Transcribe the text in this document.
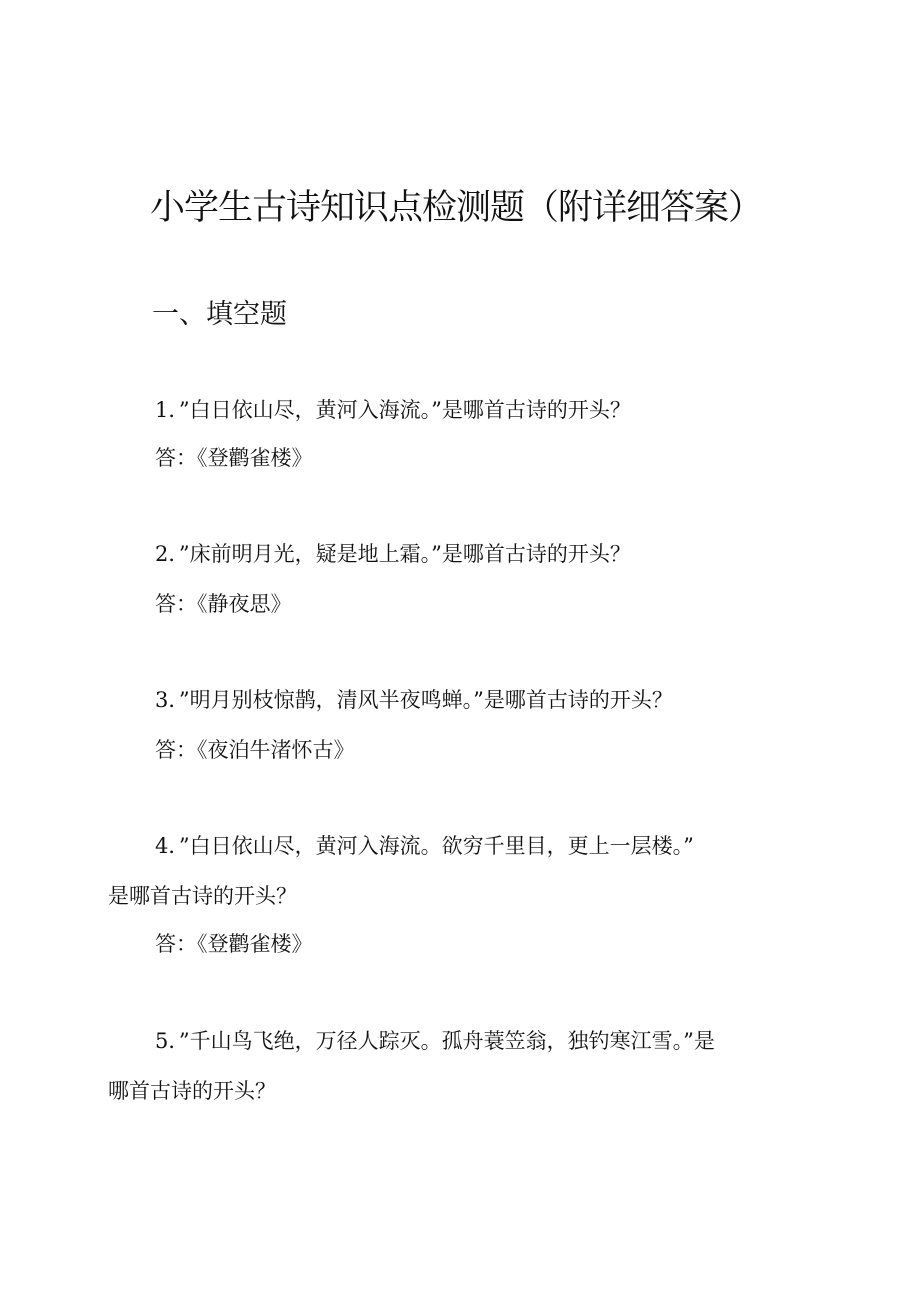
小学生古诗知识点检测题（附详细答案）
一、填空题
1．”白日依山尽，黄河入海流。”是哪首古诗的开头？
答：《登鹳雀楼》
2．”床前明月光，疑是地上霜。”是哪首古诗的开头？
答：《静夜思》
3．”明月别枝惊鹊，清风半夜鸣蝉。”是哪首古诗的开头？
答：《夜泊牛渚怀古》
4．”白日依山尽，黄河入海流。欲穷千里目，更上一层楼。”
是哪首古诗的开头？
答：《登鹳雀楼》
5．”千山鸟飞绝，万径人踪灭。孤舟蓑笠翁，独钓寒江雪。”是
哪首古诗的开头？
